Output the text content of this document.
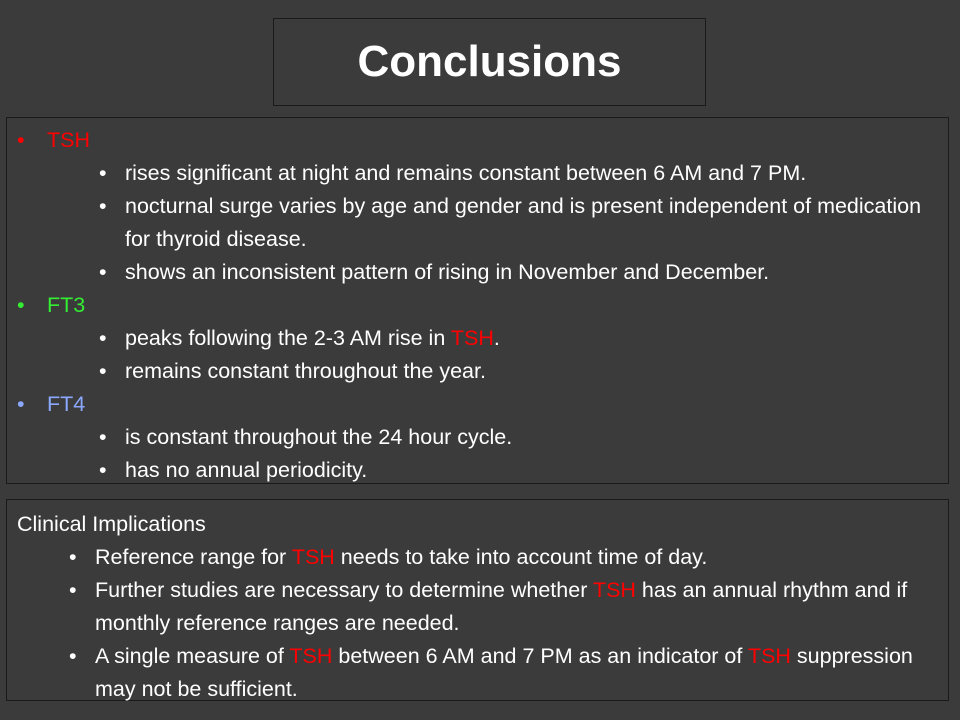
Conclusions
•	TSH
• rises significant at night and remains constant between 6 AM and 7 PM.
• nocturnal surge varies by age and gender and is present independent of medication for thyroid disease.
• shows an inconsistent pattern of rising in November and December.
•	FT3
• peaks following the 2-3 AM rise in TSH.
• remains constant throughout the year.
•	FT4
• is constant throughout the 24 hour cycle.
• has no annual periodicity.
Clinical Implications
• Reference range for TSH needs to take into account time of day.
• Further studies are necessary to determine whether TSH has an annual rhythm and if monthly reference ranges are needed.
• A single measure of TSH between 6 AM and 7 PM as an indicator of TSH suppression may not be sufficient.
